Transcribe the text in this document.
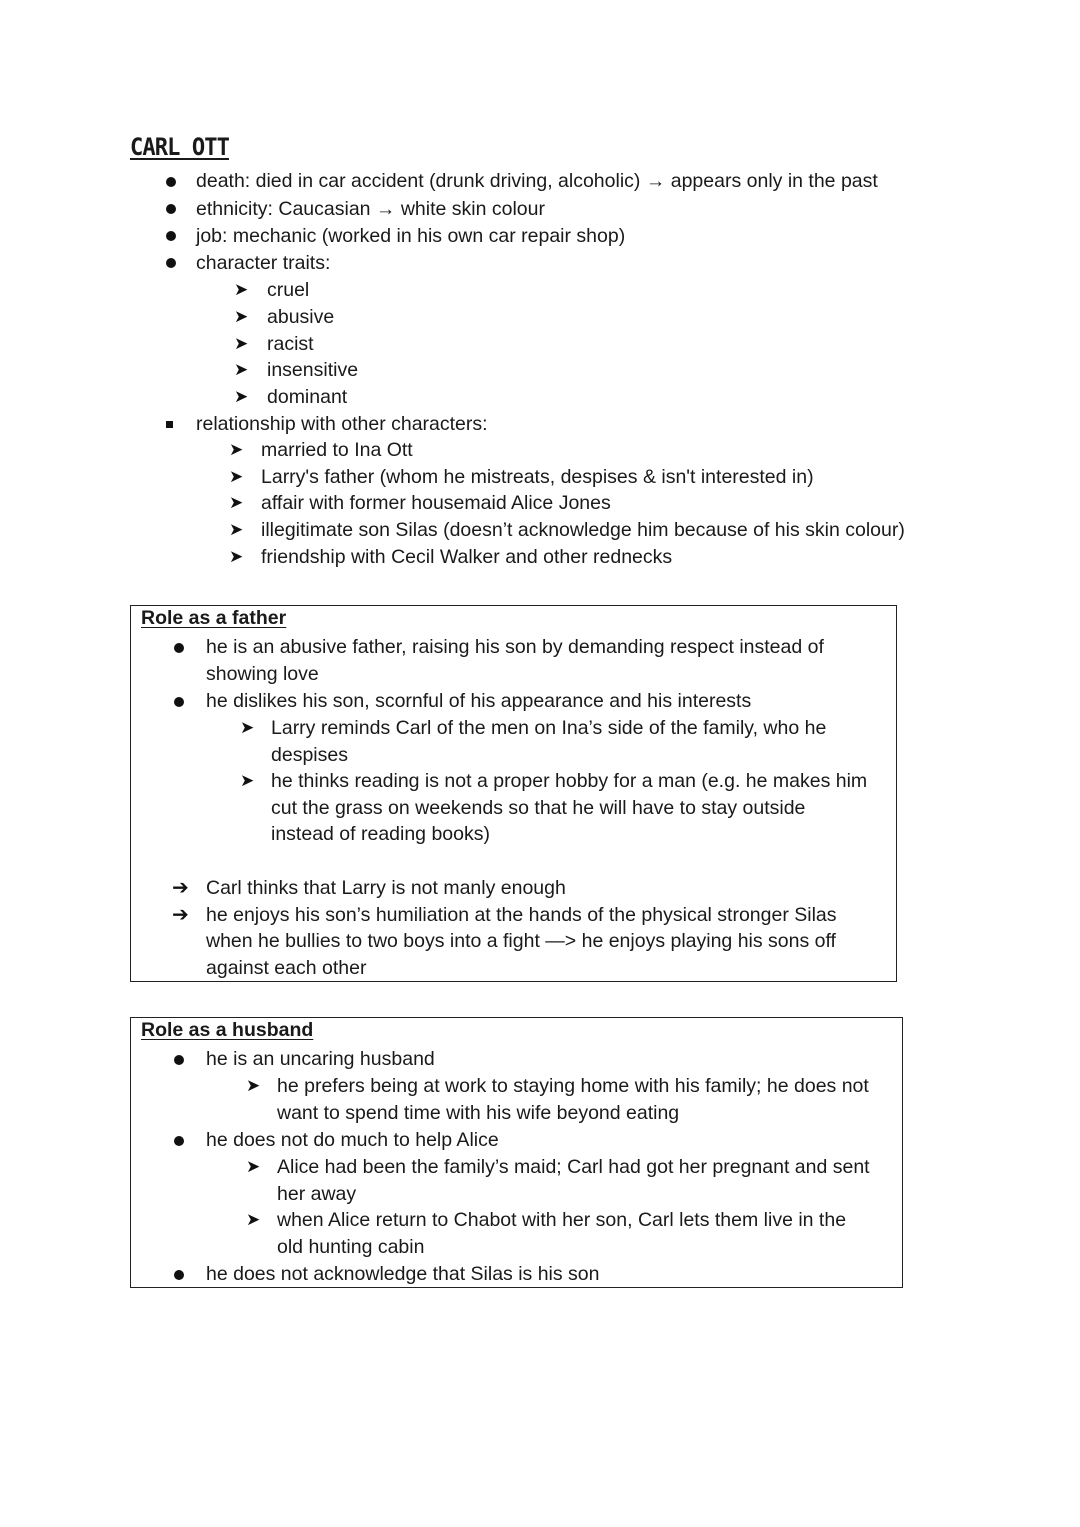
CARL OTT
death: died in car accident (drunk driving, alcoholic) → appears only in the past
ethnicity: Caucasian → white skin colour
job: mechanic (worked in his own car repair shop)
character traits:
➤ cruel
➤ abusive
➤ racist
➤ insensitive
➤ dominant
relationship with other characters:
➤ married to Ina Ott
➤ Larry's father (whom he mistreats, despises & isn't interested in)
➤ affair with former housemaid Alice Jones
➤ illegitimate son Silas (doesn’t acknowledge him because of his skin colour)
➤ friendship with Cecil Walker and other rednecks
Role as a father
he is an abusive father, raising his son by demanding respect instead of
showing love
he dislikes his son, scornful of his appearance and his interests
➤ Larry reminds Carl of the men on Ina’s side of the family, who he
despises
➤ he thinks reading is not a proper hobby for a man (e.g. he makes him
cut the grass on weekends so that he will have to stay outside
instead of reading books)
➔ Carl thinks that Larry is not manly enough
➔ he enjoys his son’s humiliation at the hands of the physical stronger Silas
when he bullies to two boys into a fight —> he enjoys playing his sons off
against each other
Role as a husband
he is an uncaring husband
➤ he prefers being at work to staying home with his family; he does not
want to spend time with his wife beyond eating
he does not do much to help Alice
➤ Alice had been the family’s maid; Carl had got her pregnant and sent
her away
➤ when Alice return to Chabot with her son, Carl lets them live in the
old hunting cabin
he does not acknowledge that Silas is his son
